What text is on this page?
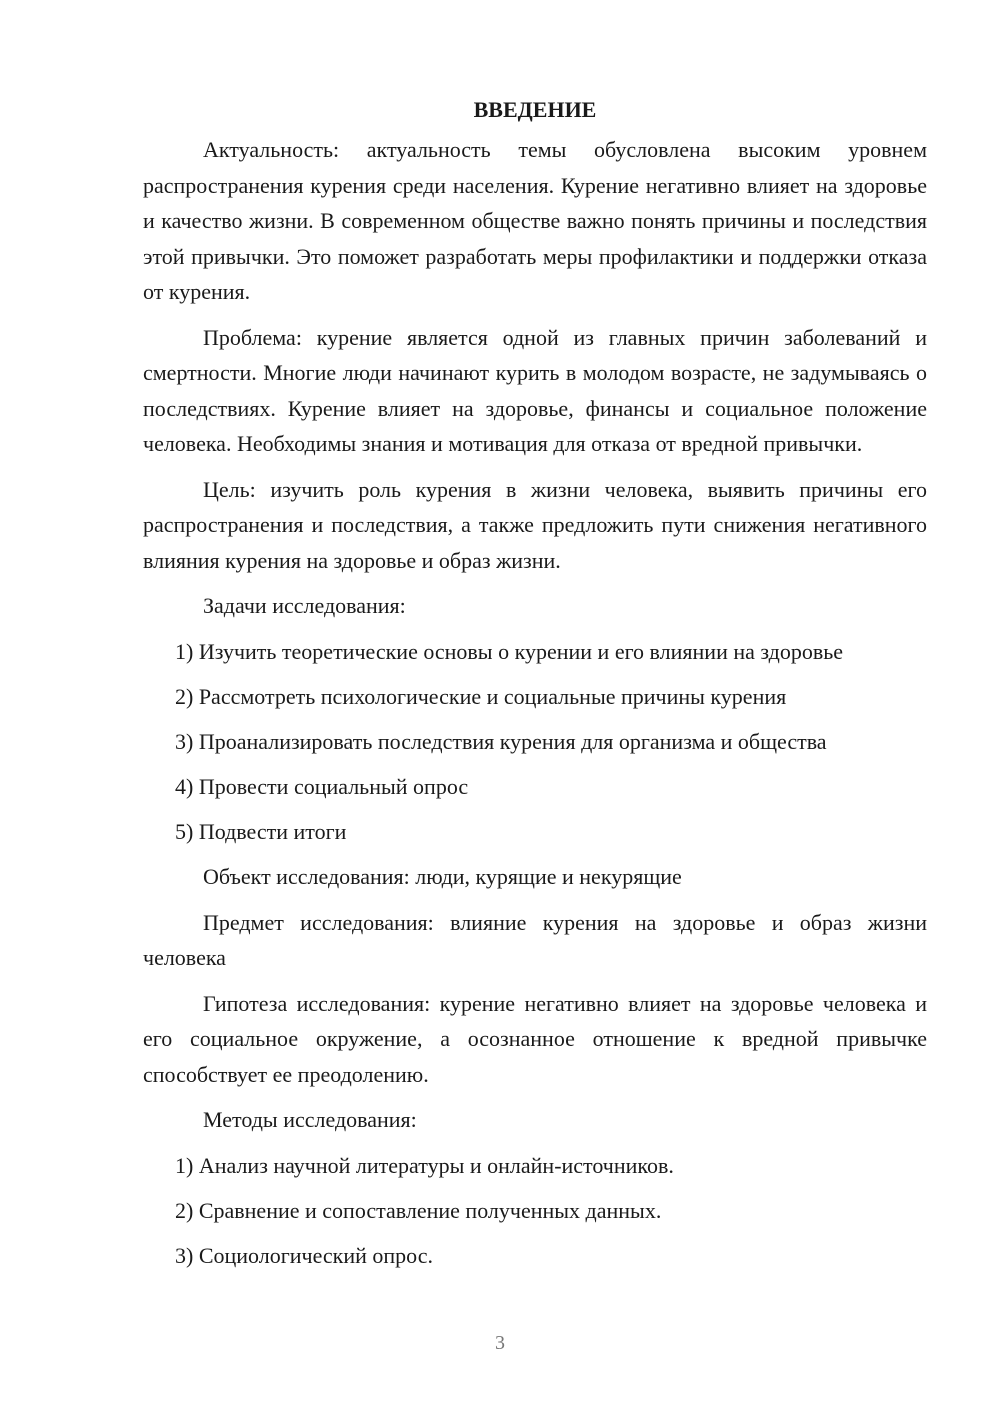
ВВЕДЕНИЕ

Актуальность: актуальность темы обусловлена высоким уровнем распространения курения среди населения. Курение негативно влияет на здоровье и качество жизни. В современном обществе важно понять причины и последствия этой привычки. Это поможет разработать меры профилактики и поддержки отказа от курения.

Проблема: курение является одной из главных причин заболеваний и смертности. Многие люди начинают курить в молодом возрасте, не задумываясь о последствиях. Курение влияет на здоровье, финансы и социальное положение человека. Необходимы знания и мотивация для отказа от вредной привычки.

Цель: изучить роль курения в жизни человека, выявить причины его распространения и последствия, а также предложить пути снижения негативного влияния курения на здоровье и образ жизни.

Задачи исследования:

1) Изучить теоретические основы о курении и его влиянии на здоровье
2) Рассмотреть психологические и социальные причины курения
3) Проанализировать последствия курения для организма и общества
4) Провести социальный опрос
5) Подвести итоги

Объект исследования: люди, курящие и некурящие

Предмет исследования: влияние курения на здоровье и образ жизни человека

Гипотеза исследования: курение негативно влияет на здоровье человека и его социальное окружение, а осознанное отношение к вредной привычке способствует ее преодолению.

Методы исследования:

1) Анализ научной литературы и онлайн-источников.
2) Сравнение и сопоставление полученных данных.
3) Социологический опрос.
3
